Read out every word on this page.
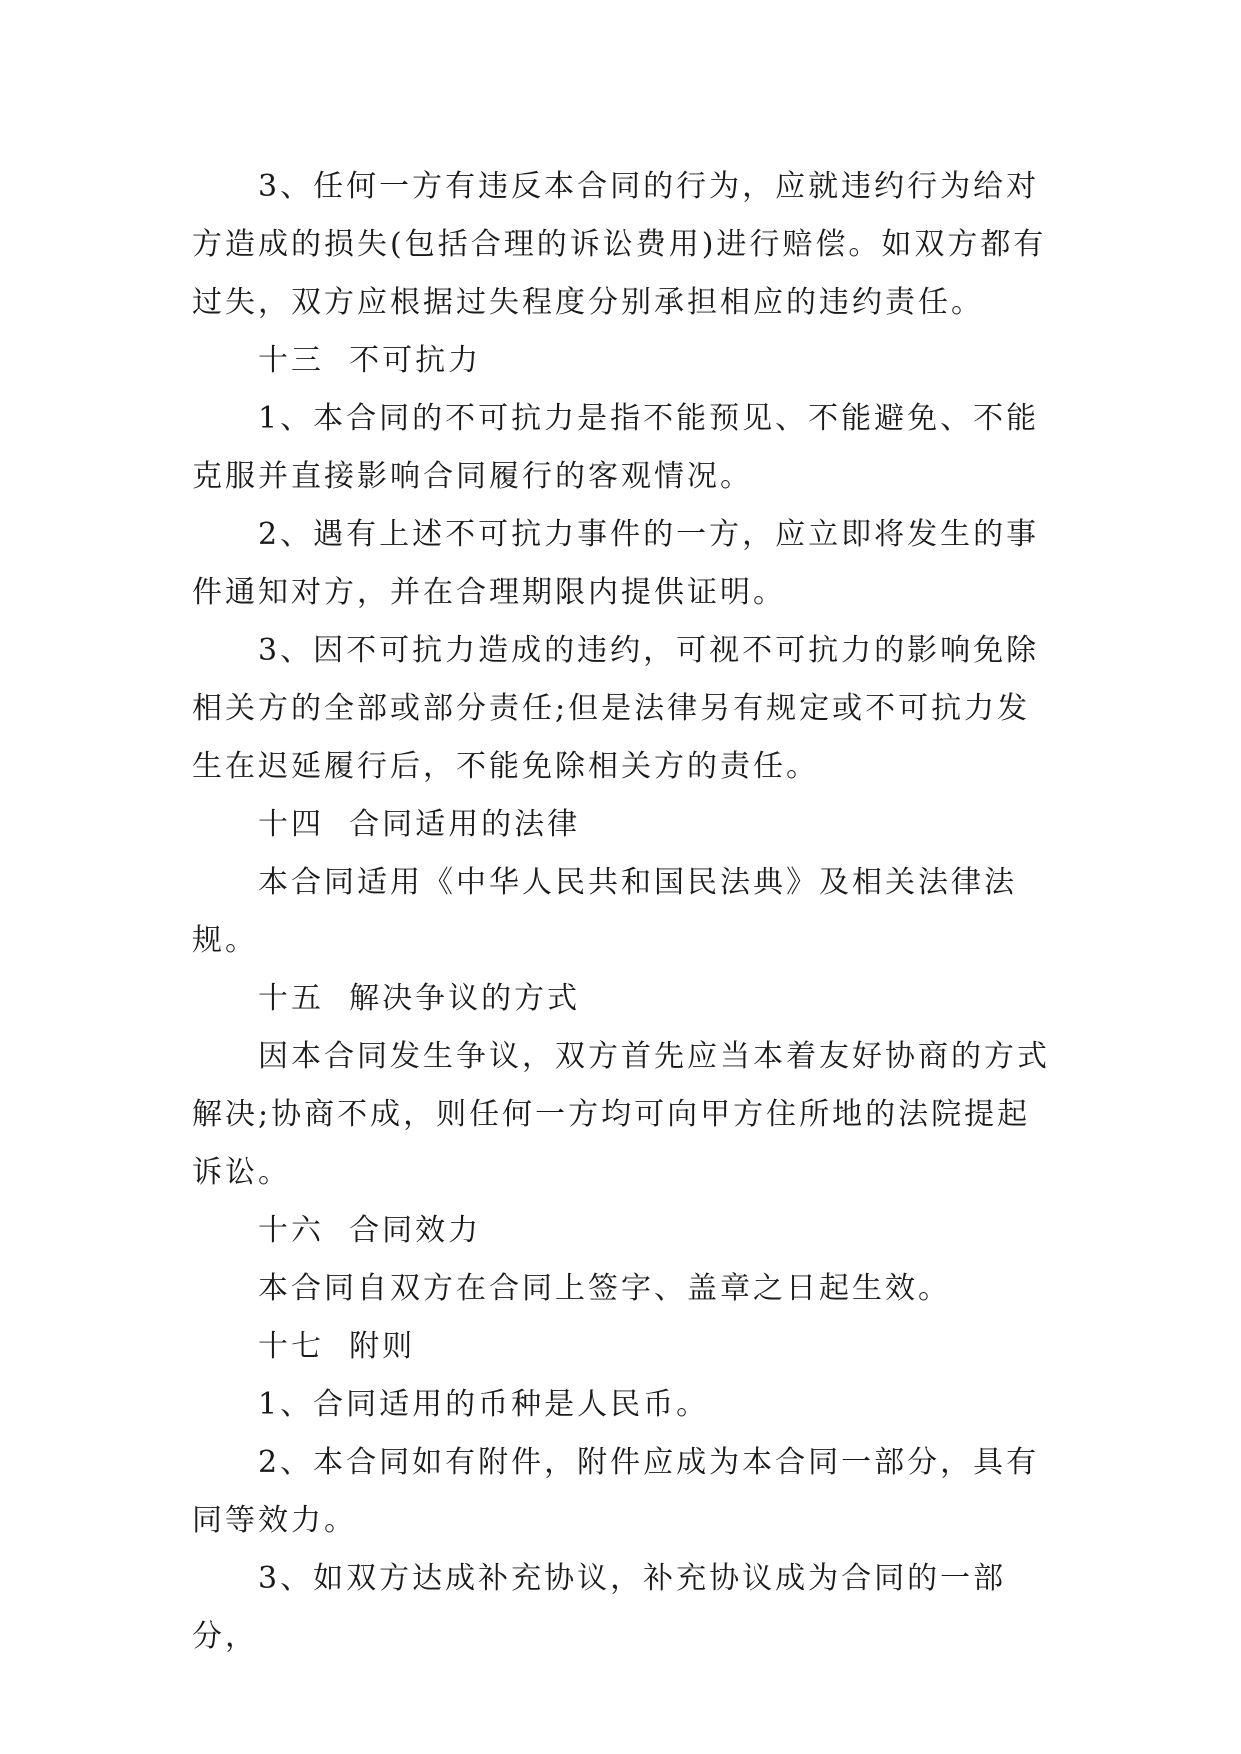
3、任何一方有违反本合同的行为，应就违约行为给对方造成的损失(包括合理的诉讼费用)进行赔偿。如双方都有过失，双方应根据过失程度分别承担相应的违约责任。

十三  不可抗力

1、本合同的不可抗力是指不能预见、不能避免、不能克服并直接影响合同履行的客观情况。

2、遇有上述不可抗力事件的一方，应立即将发生的事件通知对方，并在合理期限内提供证明。

3、因不可抗力造成的违约，可视不可抗力的影响免除相关方的全部或部分责任;但是法律另有规定或不可抗力发生在迟延履行后，不能免除相关方的责任。

十四  合同适用的法律

本合同适用《中华人民共和国民法典》及相关法律法规。

十五  解决争议的方式

因本合同发生争议，双方首先应当本着友好协商的方式解决;协商不成，则任何一方均可向甲方住所地的法院提起诉讼。

十六  合同效力

本合同自双方在合同上签字、盖章之日起生效。

十七  附则

1、合同适用的币种是人民币。

2、本合同如有附件，附件应成为本合同一部分，具有同等效力。

3、如双方达成补充协议，补充协议成为合同的一部分，
